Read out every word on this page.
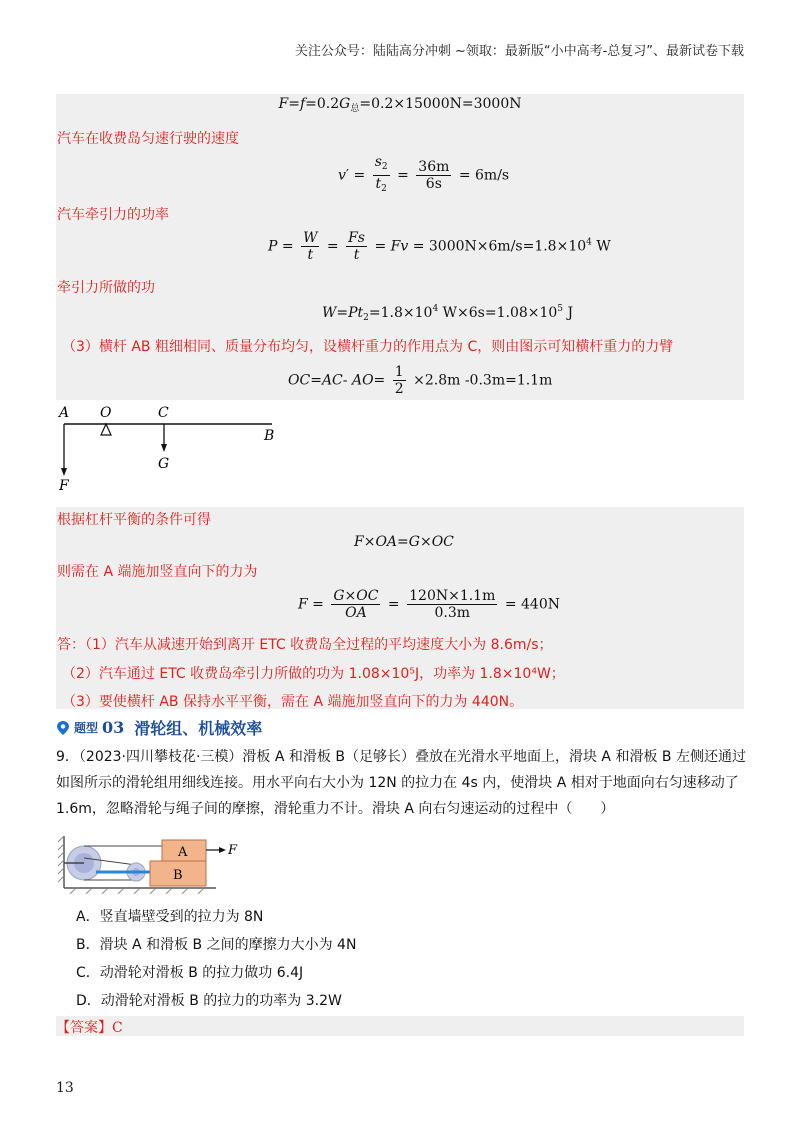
关注公众号：陆陆高分冲刺 ~领取：最新版“小中高考-总复习”、最新试卷下载
$F=f=0.2G_总=0.2\times 15000N=3000N$
汽车在收费岛匀速行驶的速度
$v' = \frac{s_2}{t_2} = \frac{36m}{6s} = 6m/s$
汽车牵引力的功率
$P = \frac{W}{t} = \frac{Fs}{t} = Fv = 3000N\times 6m/s=1.8\times 10^4$ W
牵引力所做的功
$W=Pt_2=1.8\times 10^4$ $W\times 6s=1.08\times 10^5$ J
（3）横杆 AB 粗细相同、质量分布均匀，设横杆重力的作用点为 C，则由图示可知横杆重力的力臂
OC=AC- $AO= \frac{1}{2} \times 2.8m$ -0.3m=1.1m
A O	C
B
G
F
根据杠杆平衡的条件可得
F×OA=G×OC
则需在 A 端施加竖直向下的力为
$F = \frac{G\times OC}{OA} = \frac{120N\times 1.1m}{0.3m} = 440N$
答：（1）汽车从减速开始到离开 ETC 收费岛全过程的平均速度大小为 8.6m/s；
（2）汽车通过 ETC 收费岛牵引力所做的功为 1.08×10⁵J，功率为 1.8×10⁴W；
（3）要使横杆 AB 保持水平平衡，需在 A 端施加竖直向下的力为 440N。
题型 03 滑轮组、机械效率
9．（2023·四川攀枝花·三模）滑板 A 和滑板 B（足够长）叠放在光滑水平地面上，滑块 A 和滑板 B 左侧还通过如图所示的滑轮组用细线连接。用水平向右大小为 12N 的拉力在 4s 内，使滑块 A 相对于地面向右匀速移动了 1.6m，忽略滑轮与绳子间的摩擦，滑轮重力不计。滑块 A 向右匀速运动的过程中（　　）
A
B
F
A．竖直墙壁受到的拉力为 8N
B．滑块 A 和滑板 B 之间的摩擦力大小为 4N
C．动滑轮对滑板 B 的拉力做功 6.4J
D．动滑轮对滑板 B 的拉力的功率为 3.2W
【答案】C
13
